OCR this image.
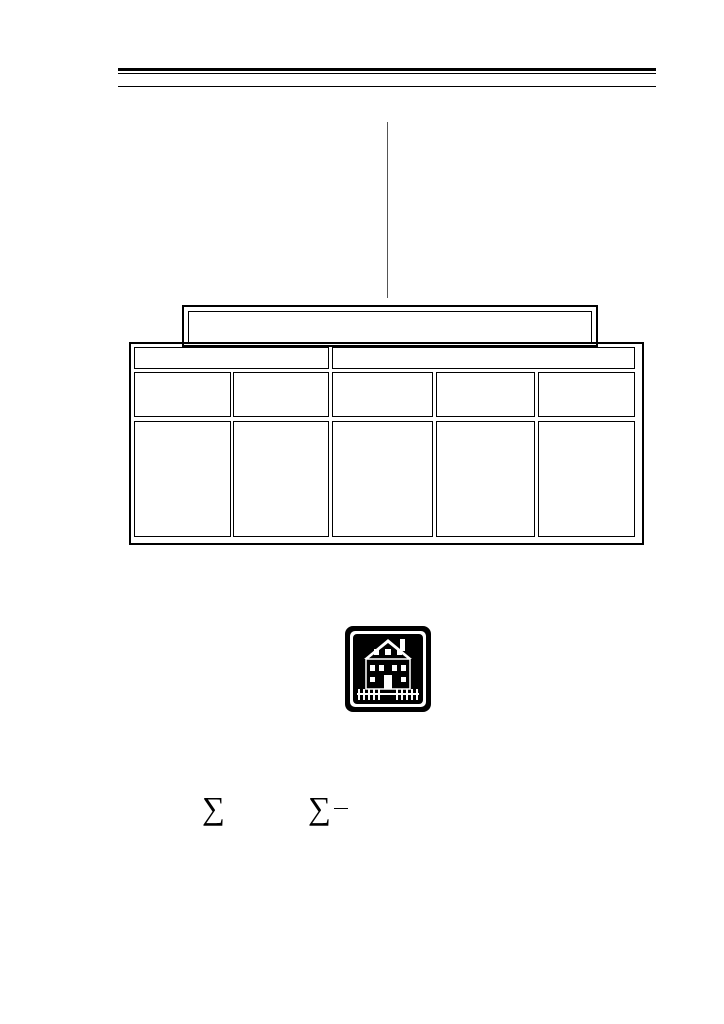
∑	∑
